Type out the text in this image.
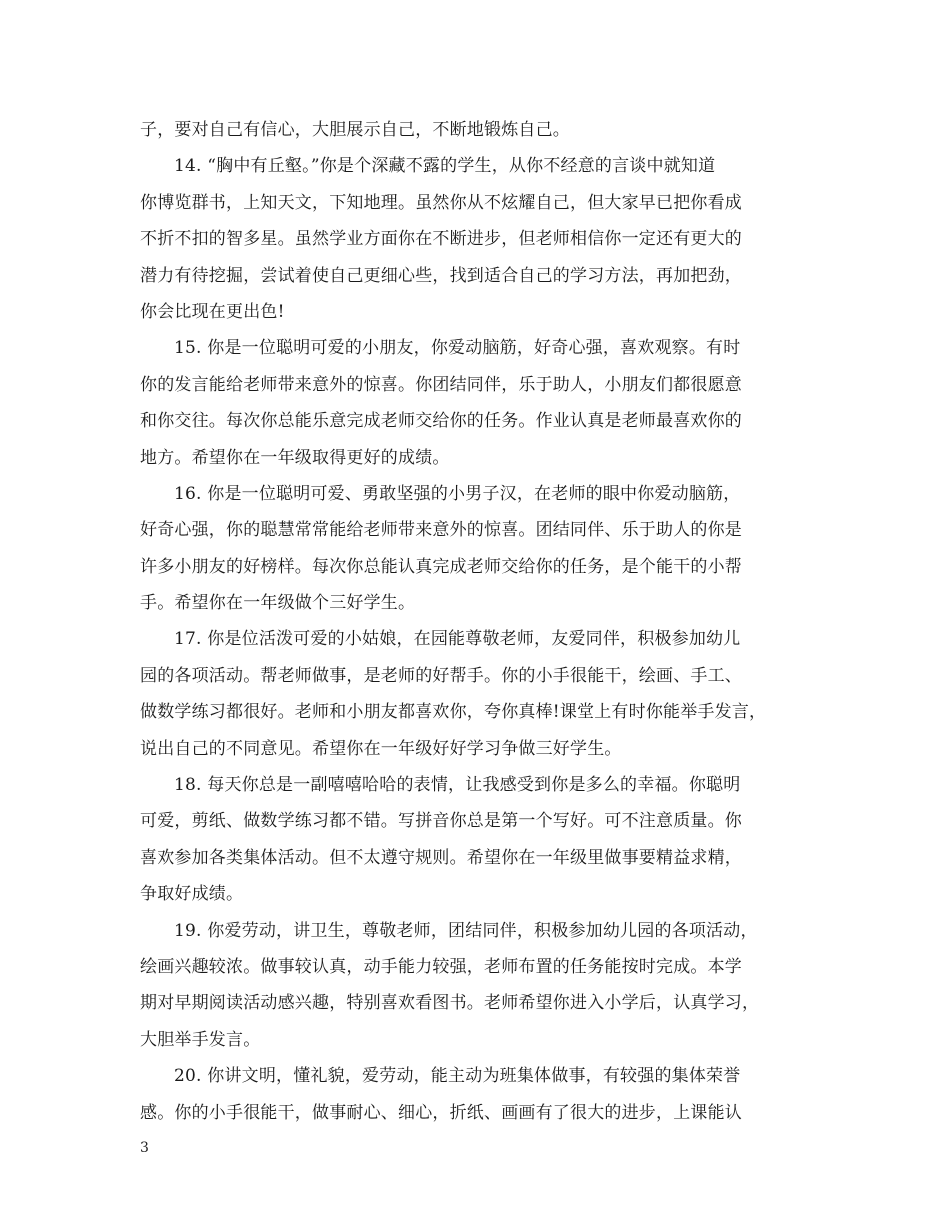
子，要对自己有信心，大胆展示自己，不断地锻炼自己。
14. “胸中有丘壑。”你是个深藏不露的学生，从你不经意的言谈中就知道
你博览群书，上知天文，下知地理。虽然你从不炫耀自己，但大家早已把你看成
不折不扣的智多星。虽然学业方面你在不断进步，但老师相信你一定还有更大的
潜力有待挖掘，尝试着使自己更细心些，找到适合自己的学习方法，再加把劲，
你会比现在更出色!
15. 你是一位聪明可爱的小朋友，你爱动脑筋，好奇心强，喜欢观察。有时
你的发言能给老师带来意外的惊喜。你团结同伴，乐于助人，小朋友们都很愿意
和你交往。每次你总能乐意完成老师交给你的任务。作业认真是老师最喜欢你的
地方。希望你在一年级取得更好的成绩。
16. 你是一位聪明可爱、勇敢坚强的小男子汉，在老师的眼中你爱动脑筋，
好奇心强，你的聪慧常常能给老师带来意外的惊喜。团结同伴、乐于助人的你是
许多小朋友的好榜样。每次你总能认真完成老师交给你的任务，是个能干的小帮
手。希望你在一年级做个三好学生。
17. 你是位活泼可爱的小姑娘，在园能尊敬老师，友爱同伴，积极参加幼儿
园的各项活动。帮老师做事，是老师的好帮手。你的小手很能干，绘画、手工、
做数学练习都很好。老师和小朋友都喜欢你，夸你真棒!课堂上有时你能举手发言，
说出自己的不同意见。希望你在一年级好好学习争做三好学生。
18. 每天你总是一副嘻嘻哈哈的表情，让我感受到你是多么的幸福。你聪明
可爱，剪纸、做数学练习都不错。写拼音你总是第一个写好。可不注意质量。你
喜欢参加各类集体活动。但不太遵守规则。希望你在一年级里做事要精益求精，
争取好成绩。
19. 你爱劳动，讲卫生，尊敬老师，团结同伴，积极参加幼儿园的各项活动，
绘画兴趣较浓。做事较认真，动手能力较强，老师布置的任务能按时完成。本学
期对早期阅读活动感兴趣，特别喜欢看图书。老师希望你进入小学后，认真学习，
大胆举手发言。
20. 你讲文明，懂礼貌，爱劳动，能主动为班集体做事，有较强的集体荣誉
感。你的小手很能干，做事耐心、细心，折纸、画画有了很大的进步，上课能认
3
